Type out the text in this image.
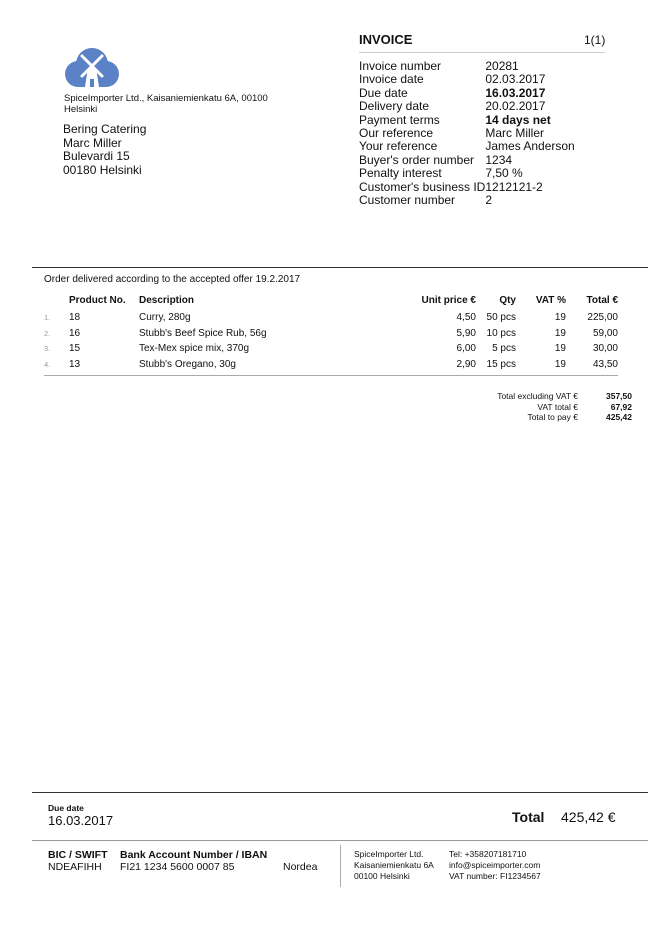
SpiceImporter Ltd., Kaisaniemienkatu 6A, 00100 Helsinki
Bering Catering
Marc Miller
Bulevardi 15
00180 Helsinki
INVOICE	1(1)
Invoice number	20281
Invoice date	02.03.2017
Due date	16.03.2017
Delivery date	20.02.2017
Payment terms	14 days net
Our reference	Marc Miller
Your reference	James Anderson
Buyer's order number	1234
Penalty interest	7,50 %
Customer's business ID	1212121-2
Customer number	2
Order delivered according to the accepted offer 19.2.2017
	Product No.	Description	Unit price €	Qty	VAT %	Total €
1.	18	Curry, 280g	4,50	50 pcs	19	225,00
2.	16	Stubb's Beef Spice Rub, 56g	5,90	10 pcs	19	59,00
3.	15	Tex-Mex spice mix, 370g	6,00	5 pcs	19	30,00
4.	13	Stubb's Oregano, 30g	2,90	15 pcs	19	43,50
Total excluding VAT €	357,50
VAT total €	67,92
Total to pay €	425,42
Due date
16.03.2017	Total 425,42 €
BIC / SWIFT
NDEAFIHH
Bank Account Number / IBAN
FI21 1234 5600 0007 85	Nordea
SpiceImporter Ltd.
Kaisaniemienkatu 6A
00100 Helsinki
Tel: +358207181710
info@spiceimporter.com
VAT number: FI1234567
